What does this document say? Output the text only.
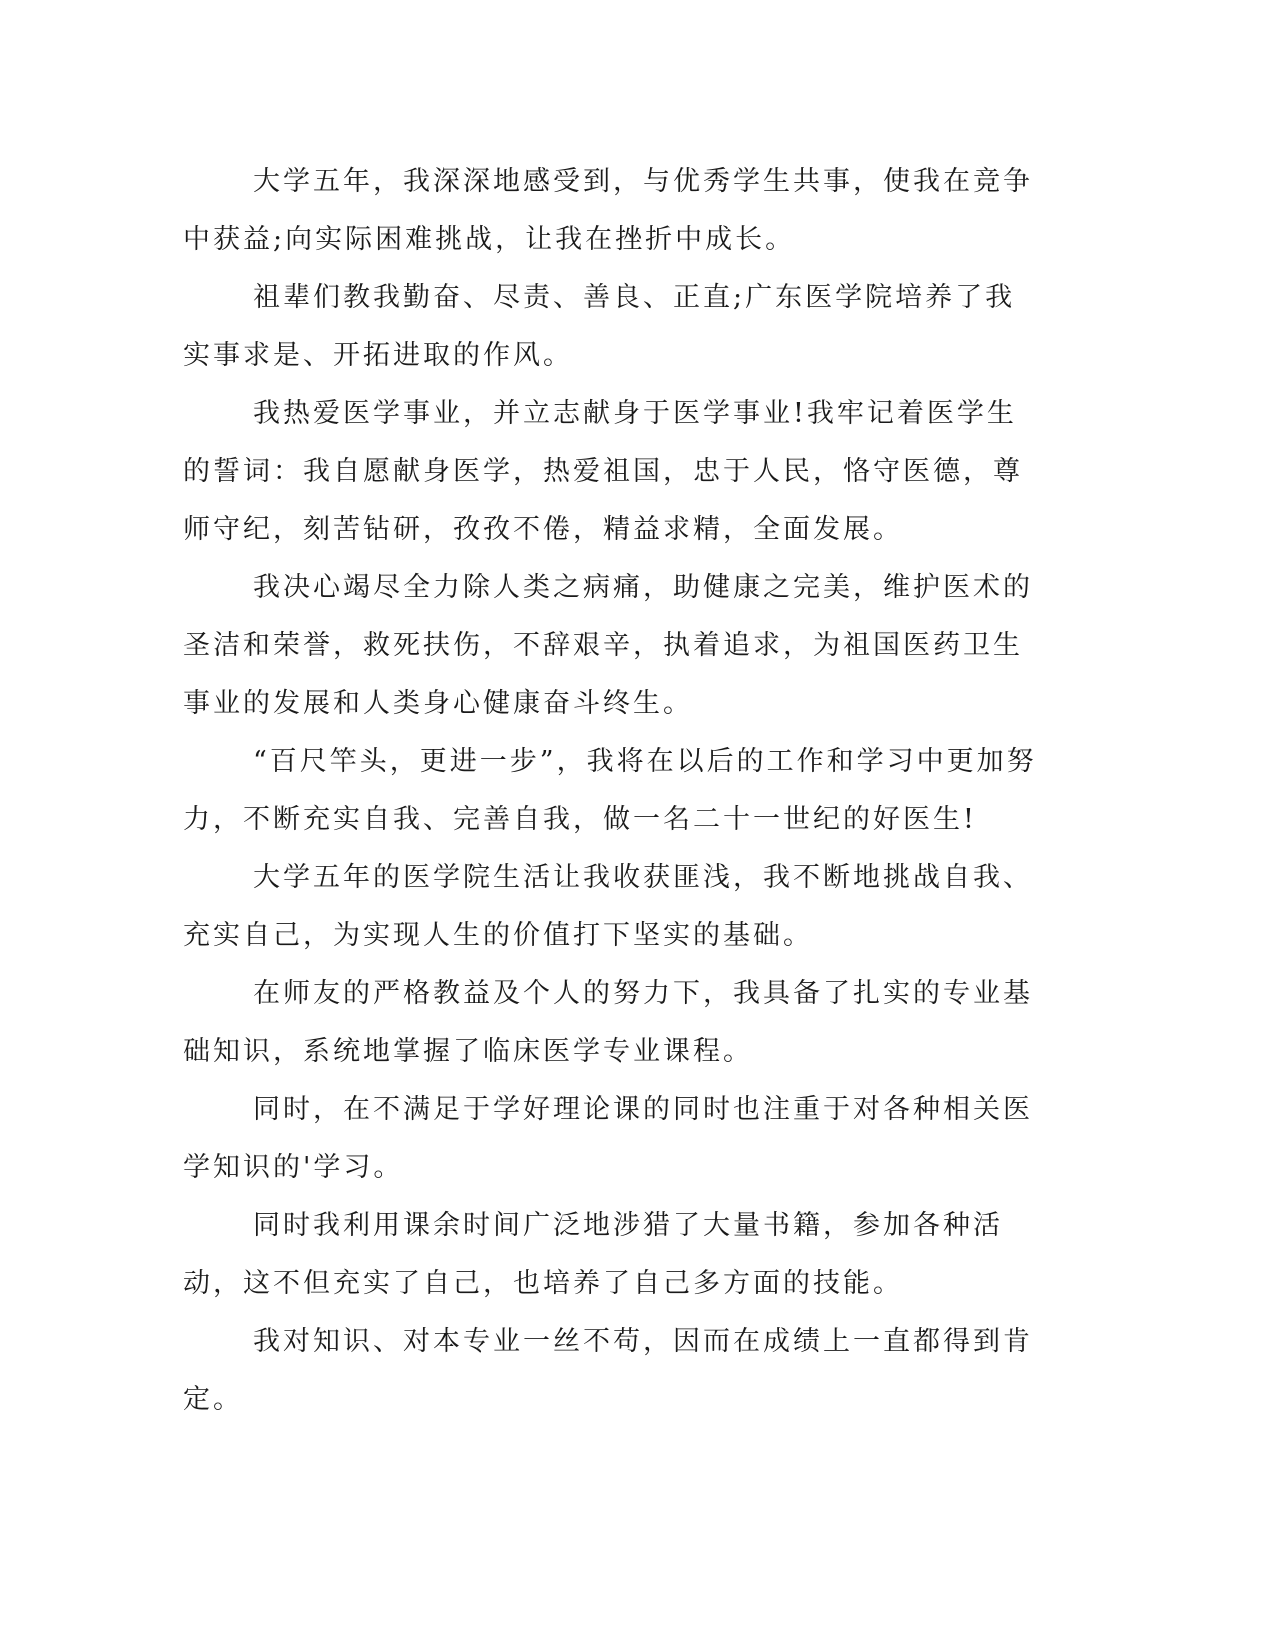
大学五年，我深深地感受到，与优秀学生共事，使我在竞争中获益;向实际困难挑战，让我在挫折中成长。

祖辈们教我勤奋、尽责、善良、正直;广东医学院培养了我实事求是、开拓进取的作风。

我热爱医学事业，并立志献身于医学事业!我牢记着医学生的誓词：我自愿献身医学，热爱祖国，忠于人民，恪守医德，尊师守纪，刻苦钻研，孜孜不倦，精益求精，全面发展。

我决心竭尽全力除人类之病痛，助健康之完美，维护医术的圣洁和荣誉，救死扶伤，不辞艰辛，执着追求，为祖国医药卫生事业的发展和人类身心健康奋斗终生。

“百尺竿头，更进一步”，我将在以后的工作和学习中更加努力，不断充实自我、完善自我，做一名二十一世纪的好医生!

大学五年的医学院生活让我收获匪浅，我不断地挑战自我、充实自己，为实现人生的价值打下坚实的基础。

在师友的严格教益及个人的努力下，我具备了扎实的专业基础知识，系统地掌握了临床医学专业课程。

同时，在不满足于学好理论课的同时也注重于对各种相关医学知识的'学习。

同时我利用课余时间广泛地涉猎了大量书籍，参加各种活动，这不但充实了自己，也培养了自己多方面的技能。

我对知识、对本专业一丝不苟，因而在成绩上一直都得到肯定。
